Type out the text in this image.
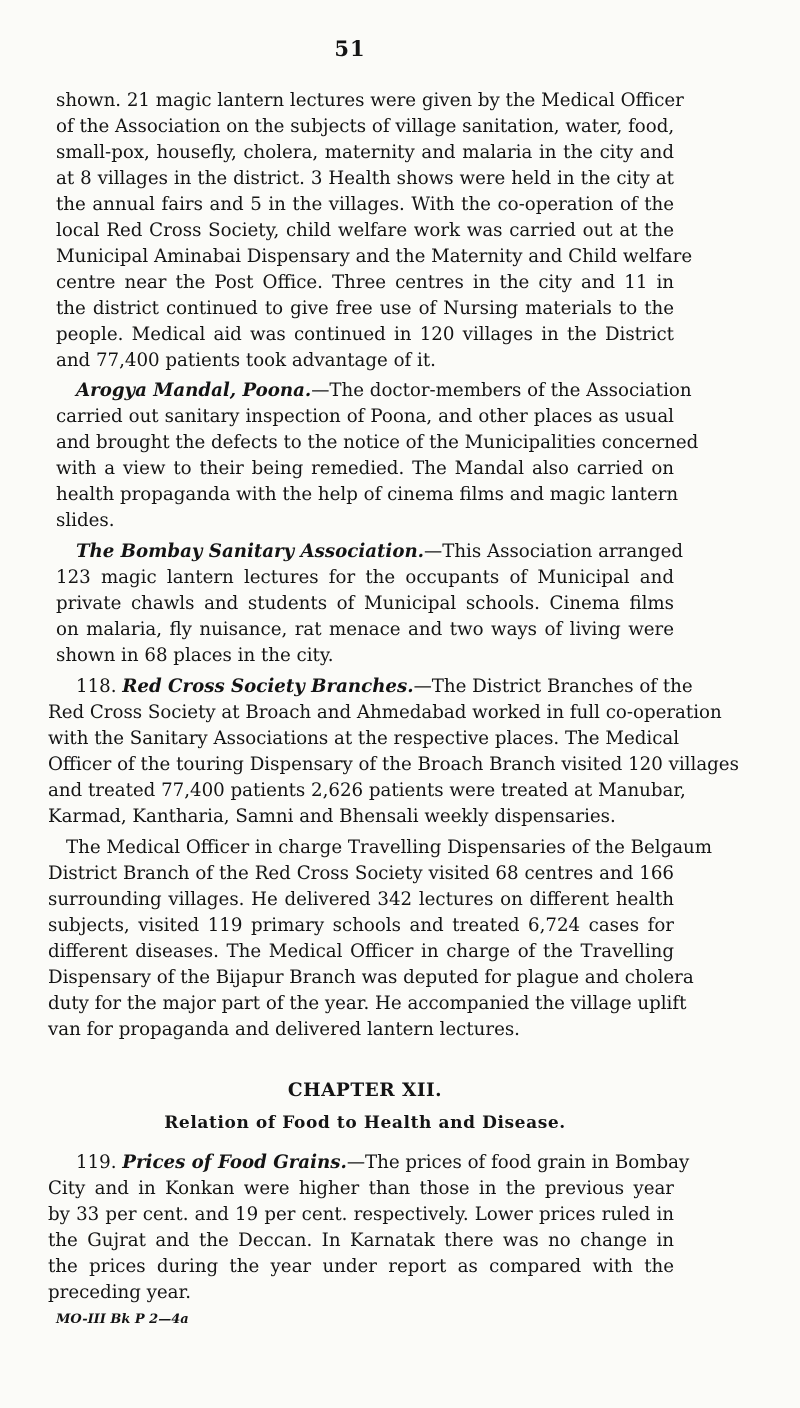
51
shown. 21 magic lantern lectures were given by the Medical Officer
of the Association on the subjects of village sanitation, water, food,
small-pox, housefly, cholera, maternity and malaria in the city and
at 8 villages in the district. 3 Health shows were held in the city at
the annual fairs and 5 in the villages. With the co-operation of the
local Red Cross Society, child welfare work was carried out at the
Municipal Aminabai Dispensary and the Maternity and Child welfare
centre near the Post Office. Three centres in the city and 11 in
the district continued to give free use of Nursing materials to the
people. Medical aid was continued in 120 villages in the District
and 77,400 patients took advantage of it.
Arogya Mandal, Poona.—The doctor-members of the Association
carried out sanitary inspection of Poona, and other places as usual
and brought the defects to the notice of the Municipalities concerned
with a view to their being remedied. The Mandal also carried on
health propaganda with the help of cinema films and magic lantern
slides.
The Bombay Sanitary Association.—This Association arranged
123 magic lantern lectures for the occupants of Municipal and
private chawls and students of Municipal schools. Cinema films
on malaria, fly nuisance, rat menace and two ways of living were
shown in 68 places in the city.
118. Red Cross Society Branches.—The District Branches of the
Red Cross Society at Broach and Ahmedabad worked in full co-operation
with the Sanitary Associations at the respective places. The Medical
Officer of the touring Dispensary of the Broach Branch visited 120 villages
and treated 77,400 patients 2,626 patients were treated at Manubar,
Karmad, Kantharia, Samni and Bhensali weekly dispensaries.
The Medical Officer in charge Travelling Dispensaries of the Belgaum
District Branch of the Red Cross Society visited 68 centres and 166
surrounding villages. He delivered 342 lectures on different health
subjects, visited 119 primary schools and treated 6,724 cases for
different diseases. The Medical Officer in charge of the Travelling
Dispensary of the Bijapur Branch was deputed for plague and cholera
duty for the major part of the year. He accompanied the village uplift
van for propaganda and delivered lantern lectures.
CHAPTER XII.
Relation of Food to Health and Disease.
119. Prices of Food Grains.—The prices of food grain in Bombay
City and in Konkan were higher than those in the previous year
by 33 per cent. and 19 per cent. respectively. Lower prices ruled in
the Gujrat and the Deccan. In Karnatak there was no change in
the prices during the year under report as compared with the
preceding year.
MO-III Bk P 2—4a
